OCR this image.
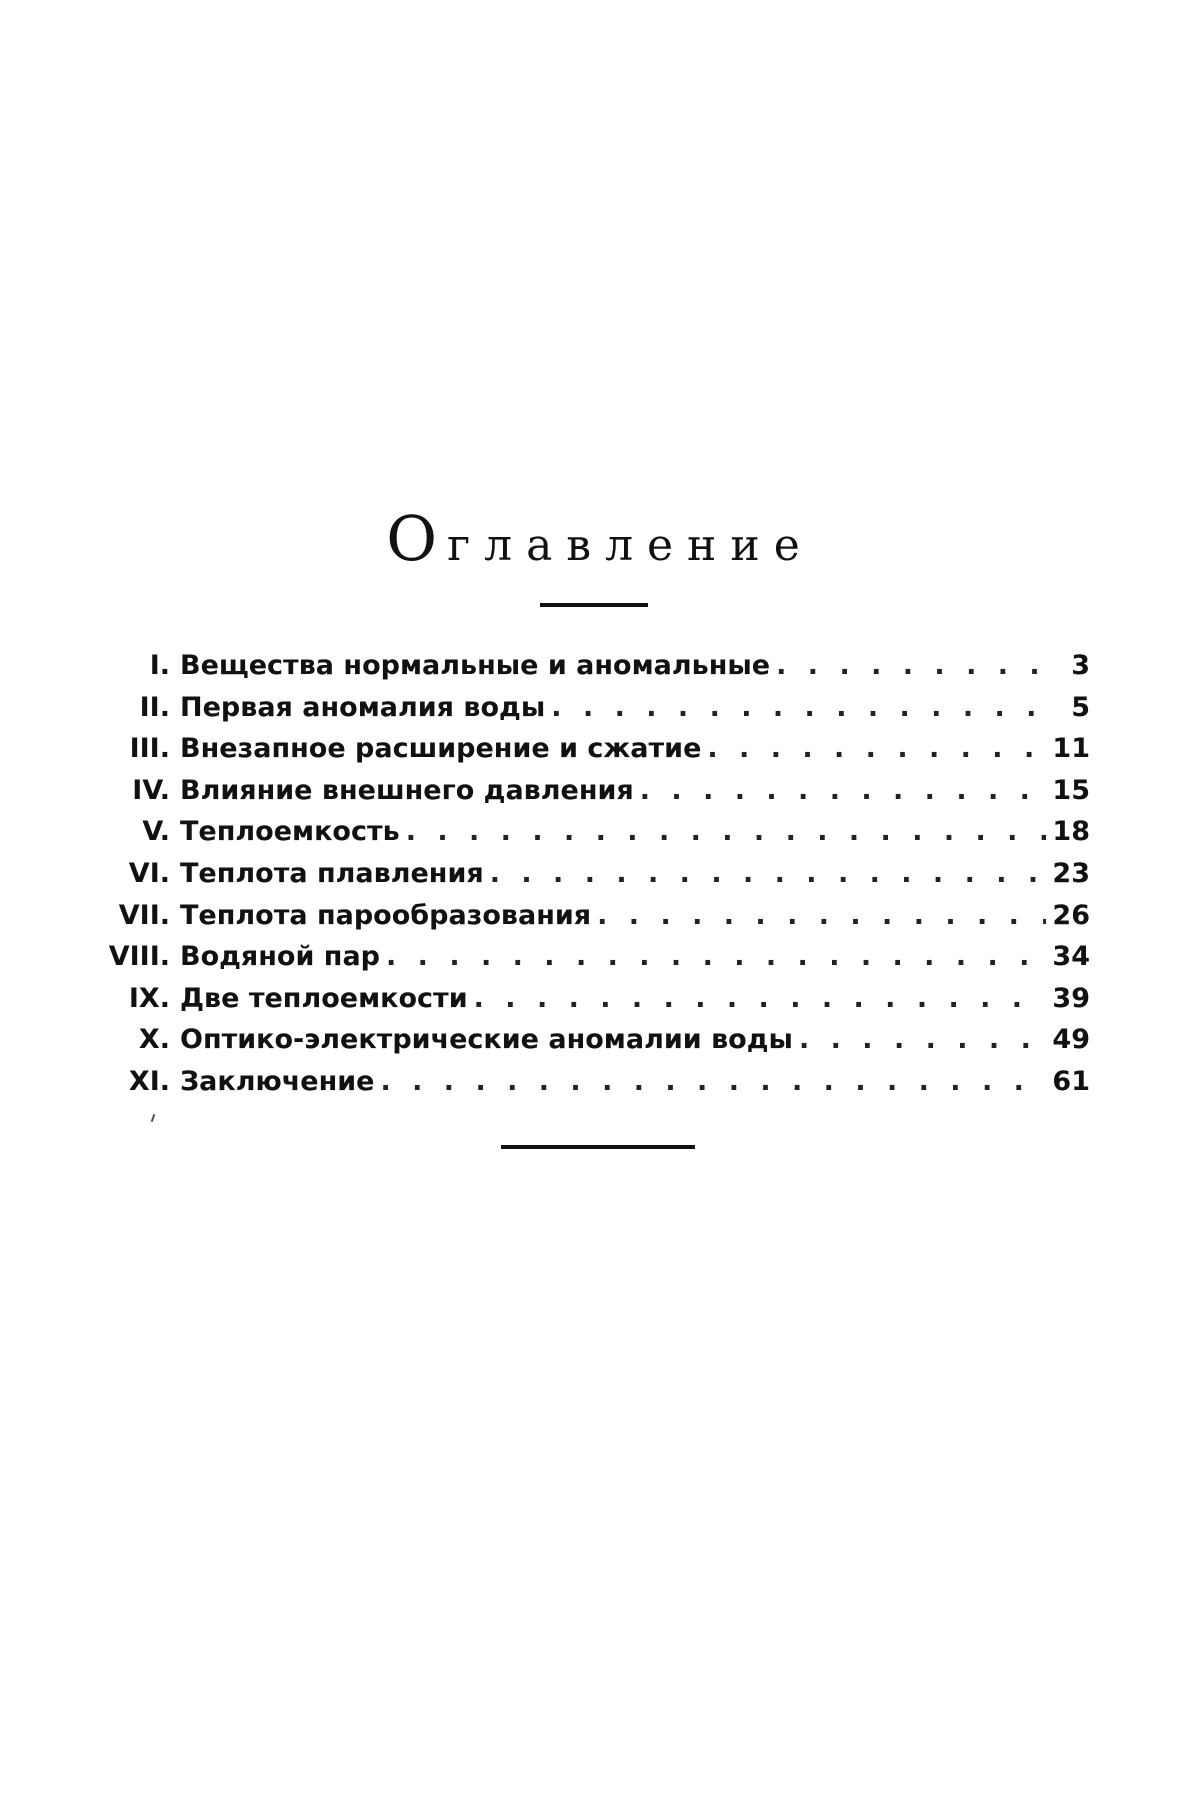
Оглавление
I. Вещества нормальные и аномальные . . .	3
II. Первая аномалия воды . . .	5
III. Внезапное расширение и сжатие . . .	11
IV. Влияние внешнего давления . . .	15
V. Теплоемкость . . .	18
VI. Теплота плавления . . .	23
VII. Теплота парообразования . . .	26
VIII. Водяной пар . . .	34
IX. Две теплоемкости . . .	39
X. Оптико-электрические аномалии воды . . .	49
XI. Заключение . . .	61
